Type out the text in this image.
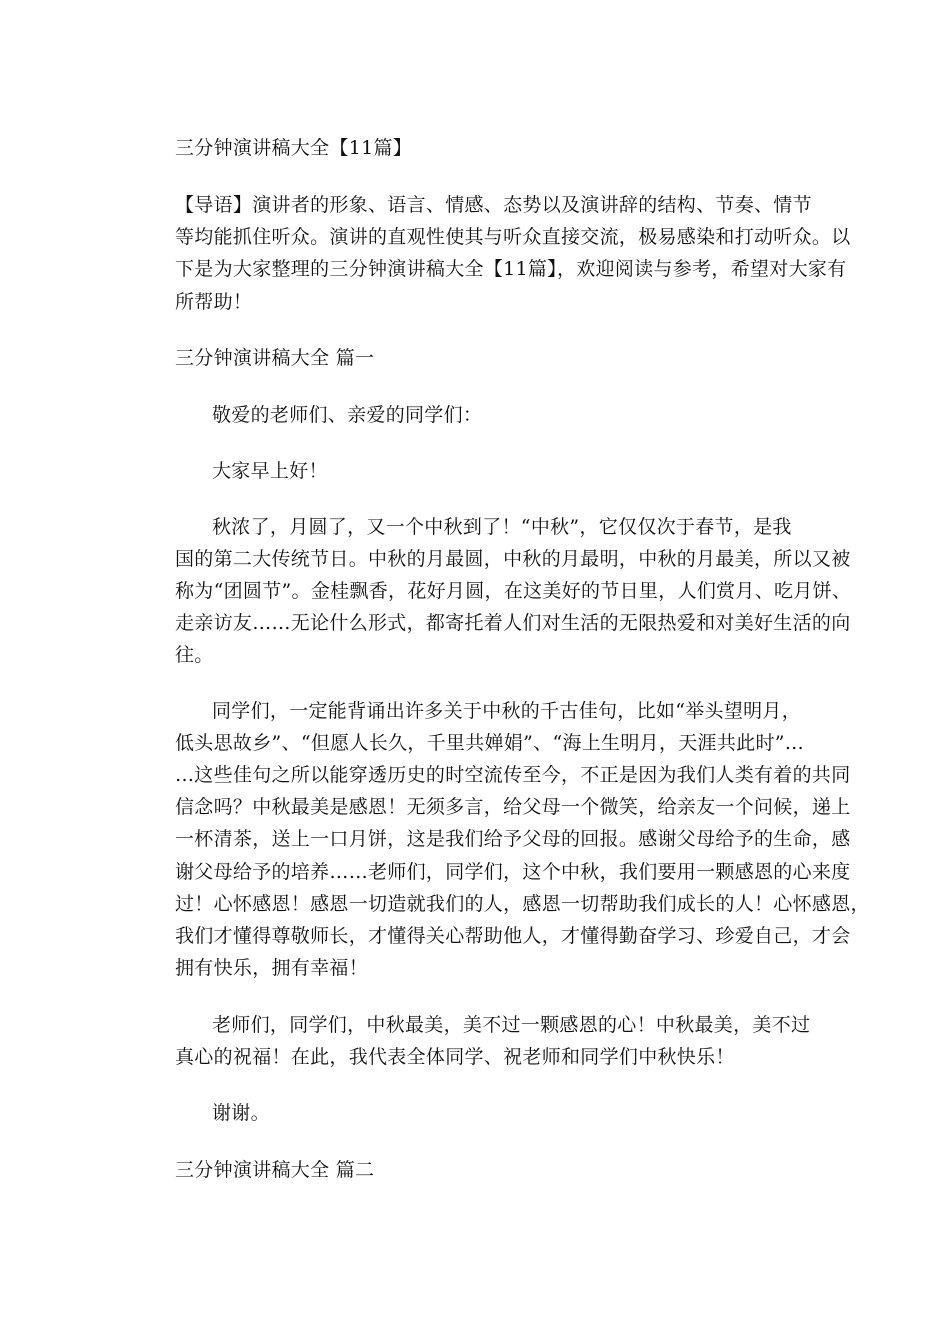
三分钟演讲稿大全【11篇】
【导语】演讲者的形象、语言、情感、态势以及演讲辞的结构、节奏、情节
等均能抓住听众。演讲的直观性使其与听众直接交流，极易感染和打动听众。以
下是为大家整理的三分钟演讲稿大全【11篇】，欢迎阅读与参考，希望对大家有
所帮助！
三分钟演讲稿大全 篇一
敬爱的老师们、亲爱的同学们：
大家早上好！
秋浓了，月圆了，又一个中秋到了！“中秋”，它仅仅次于春节，是我
国的第二大传统节日。中秋的月最圆，中秋的月最明，中秋的月最美，所以又被
称为“团圆节”。金桂飘香，花好月圆，在这美好的节日里，人们赏月、吃月饼、
走亲访友……无论什么形式，都寄托着人们对生活的无限热爱和对美好生活的向
往。
同学们，一定能背诵出许多关于中秋的千古佳句，比如“举头望明月，
低头思故乡”、“但愿人长久，千里共婵娟”、“海上生明月，天涯共此时”…
…这些佳句之所以能穿透历史的时空流传至今，不正是因为我们人类有着的共同
信念吗？中秋最美是感恩！无须多言，给父母一个微笑，给亲友一个问候，递上
一杯清茶，送上一口月饼，这是我们给予父母的回报。感谢父母给予的生命，感
谢父母给予的培养……老师们，同学们，这个中秋，我们要用一颗感恩的心来度
过！心怀感恩！感恩一切造就我们的人，感恩一切帮助我们成长的人！心怀感恩，
我们才懂得尊敬师长，才懂得关心帮助他人，才懂得勤奋学习、珍爱自己，才会
拥有快乐，拥有幸福！
老师们，同学们，中秋最美，美不过一颗感恩的心！中秋最美，美不过
真心的祝福！在此，我代表全体同学、祝老师和同学们中秋快乐！
谢谢。
三分钟演讲稿大全 篇二
